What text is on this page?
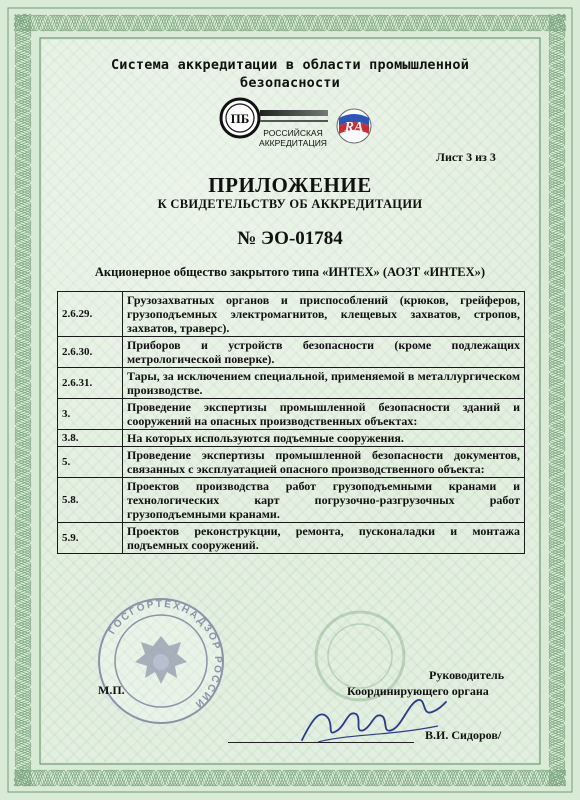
Система аккредитации в области промышленной
безопасности
ПБ
РОССИЙСКАЯ
АККРЕДИТАЦИЯ
RA
Лист 3 из 3
ПРИЛОЖЕНИЕ
К СВИДЕТЕЛЬСТВУ ОБ АККРЕДИТАЦИИ
№ ЭО-01784
Акционерное общество закрытого типа «ИНТЕХ» (АОЗТ «ИНТЕХ»)
2.6.29.	Грузозахватных органов и приспособлений (крюков, грейферов, грузоподъемных электромагнитов, клещевых захватов, стропов, захватов, траверс).
2.6.30.	Приборов и устройств безопасности (кроме подлежащих метрологической поверке).
2.6.31.	Тары, за исключением специальной, применяемой в металлургическом производстве.
3.	Проведение экспертизы промышленной безопасности зданий и сооружений на опасных производственных объектах:
3.8.	На которых используются подъемные сооружения.
5.	Проведение экспертизы промышленной безопасности документов, связанных с эксплуатацией опасного производственного объекта:
5.8.	Проектов производства работ грузоподъемными кранами и технологических карт погрузочно-разгрузочных работ грузоподъемными кранами.
5.9.	Проектов реконструкции, ремонта, пусконаладки и монтажа подъемных сооружений.
ГОСГОРТЕХНАДЗОР РОССИИ
М.П.
Руководитель
Координирующего органа
В.И. Сидоров/
